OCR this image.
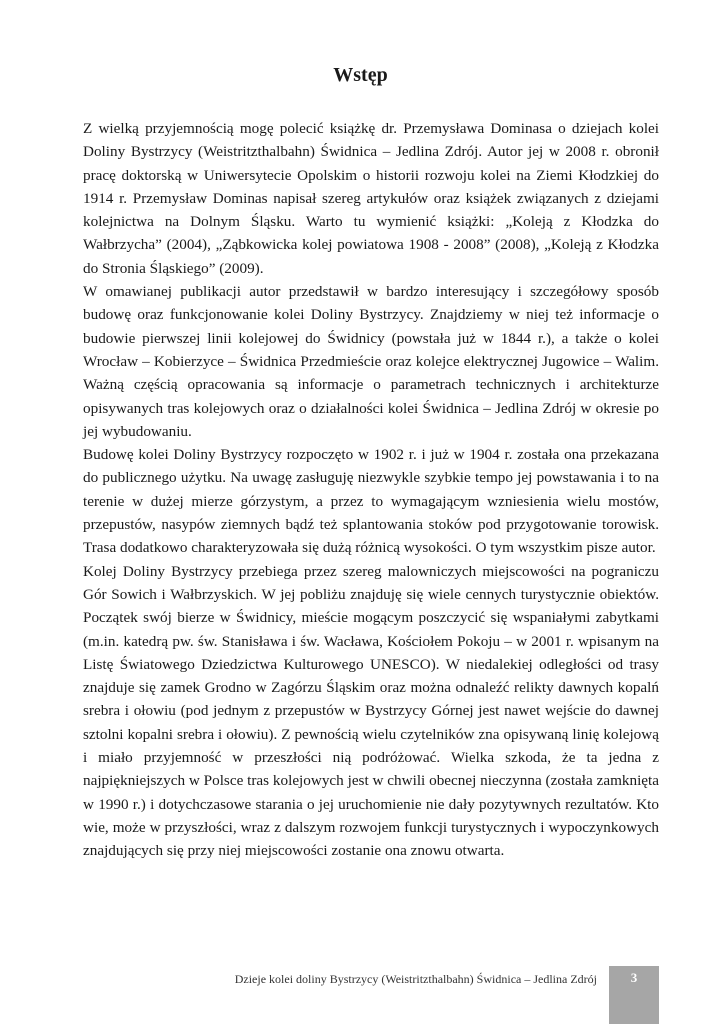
Wstęp

Z wielką przyjemnością mogę polecić książkę dr. Przemysława Dominasa o dziejach kolei Doliny Bystrzycy (Weistritzthalbahn) Świdnica – Jedlina Zdrój. Autor jej w 2008 r. obronił pracę doktorską w Uniwersytecie Opolskim o historii rozwoju kolei na Ziemi Kłodzkiej do 1914 r. Przemysław Dominas napisał szereg artykułów oraz książek związanych z dziejami kolejnictwa na Dolnym Śląsku. Warto tu wymienić książki: „Koleją z Kłodzka do Wałbrzycha” (2004), „Ząbkowicka kolej powiatowa 1908 - 2008” (2008), „Koleją z Kłodzka do Stronia Śląskiego” (2009).

W omawianej publikacji autor przedstawił w bardzo interesujący i szczegółowy sposób budowę oraz funkcjonowanie kolei Doliny Bystrzycy. Znajdziemy w niej też informacje o budowie pierwszej linii kolejowej do Świdnicy (powstała już w 1844 r.), a także o kolei Wrocław – Kobierzyce – Świdnica Przedmieście oraz kolejce elektrycznej Jugowice – Walim. Ważną częścią opracowania są informacje o parametrach technicznych i architekturze opisywanych tras kolejowych oraz o działalności kolei Świdnica – Jedlina Zdrój w okresie po jej wybudowaniu.

Budowę kolei Doliny Bystrzycy rozpoczęto w 1902 r. i już w 1904 r. została ona przekazana do publicznego użytku. Na uwagę zasługuję niezwykle szybkie tempo jej powstawania i to na terenie w dużej mierze górzystym, a przez to wymagającym wzniesienia wielu mostów, przepustów, nasypów ziemnych bądź też splantowania stoków pod przygotowanie torowisk. Trasa dodatkowo charakteryzowała się dużą różnicą wysokości. O tym wszystkim pisze autor.

Kolej Doliny Bystrzycy przebiega przez szereg malowniczych miejscowości na pograniczu Gór Sowich i Wałbrzyskich. W jej pobliżu znajduję się wiele cennych turystycznie obiektów. Początek swój bierze w Świdnicy, mieście mogącym poszczycić się wspaniałymi zabytkami (m.in. katedrą pw. św. Stanisława i św. Wacława, Kościołem Pokoju – w 2001 r. wpisanym na Listę Światowego Dziedzictwa Kulturowego UNESCO). W niedalekiej odległości od trasy znajduje się zamek Grodno w Zagórzu Śląskim oraz można odnaleźć relikty dawnych kopalń srebra i ołowiu (pod jednym z przepustów w Bystrzycy Górnej jest nawet wejście do dawnej sztolni kopalni srebra i ołowiu). Z pewnością wielu czytelników zna opisywaną linię kolejową i miało przyjemność w przeszłości nią podróżować. Wielka szkoda, że ta jedna z najpiękniejszych w Polsce tras kolejowych jest w chwili obecnej nieczynna (została zamknięta w 1990 r.) i dotychczasowe starania o jej uruchomienie nie dały pozytywnych rezultatów. Kto wie, może w przyszłości, wraz z dalszym rozwojem funkcji turystycznych i wypoczynkowych znajdujących się przy niej miejscowości zostanie ona znowu otwarta.

Dzieje kolei doliny Bystrzycy (Weistritzthalbahn) Świdnica – Jedlina Zdrój	3
